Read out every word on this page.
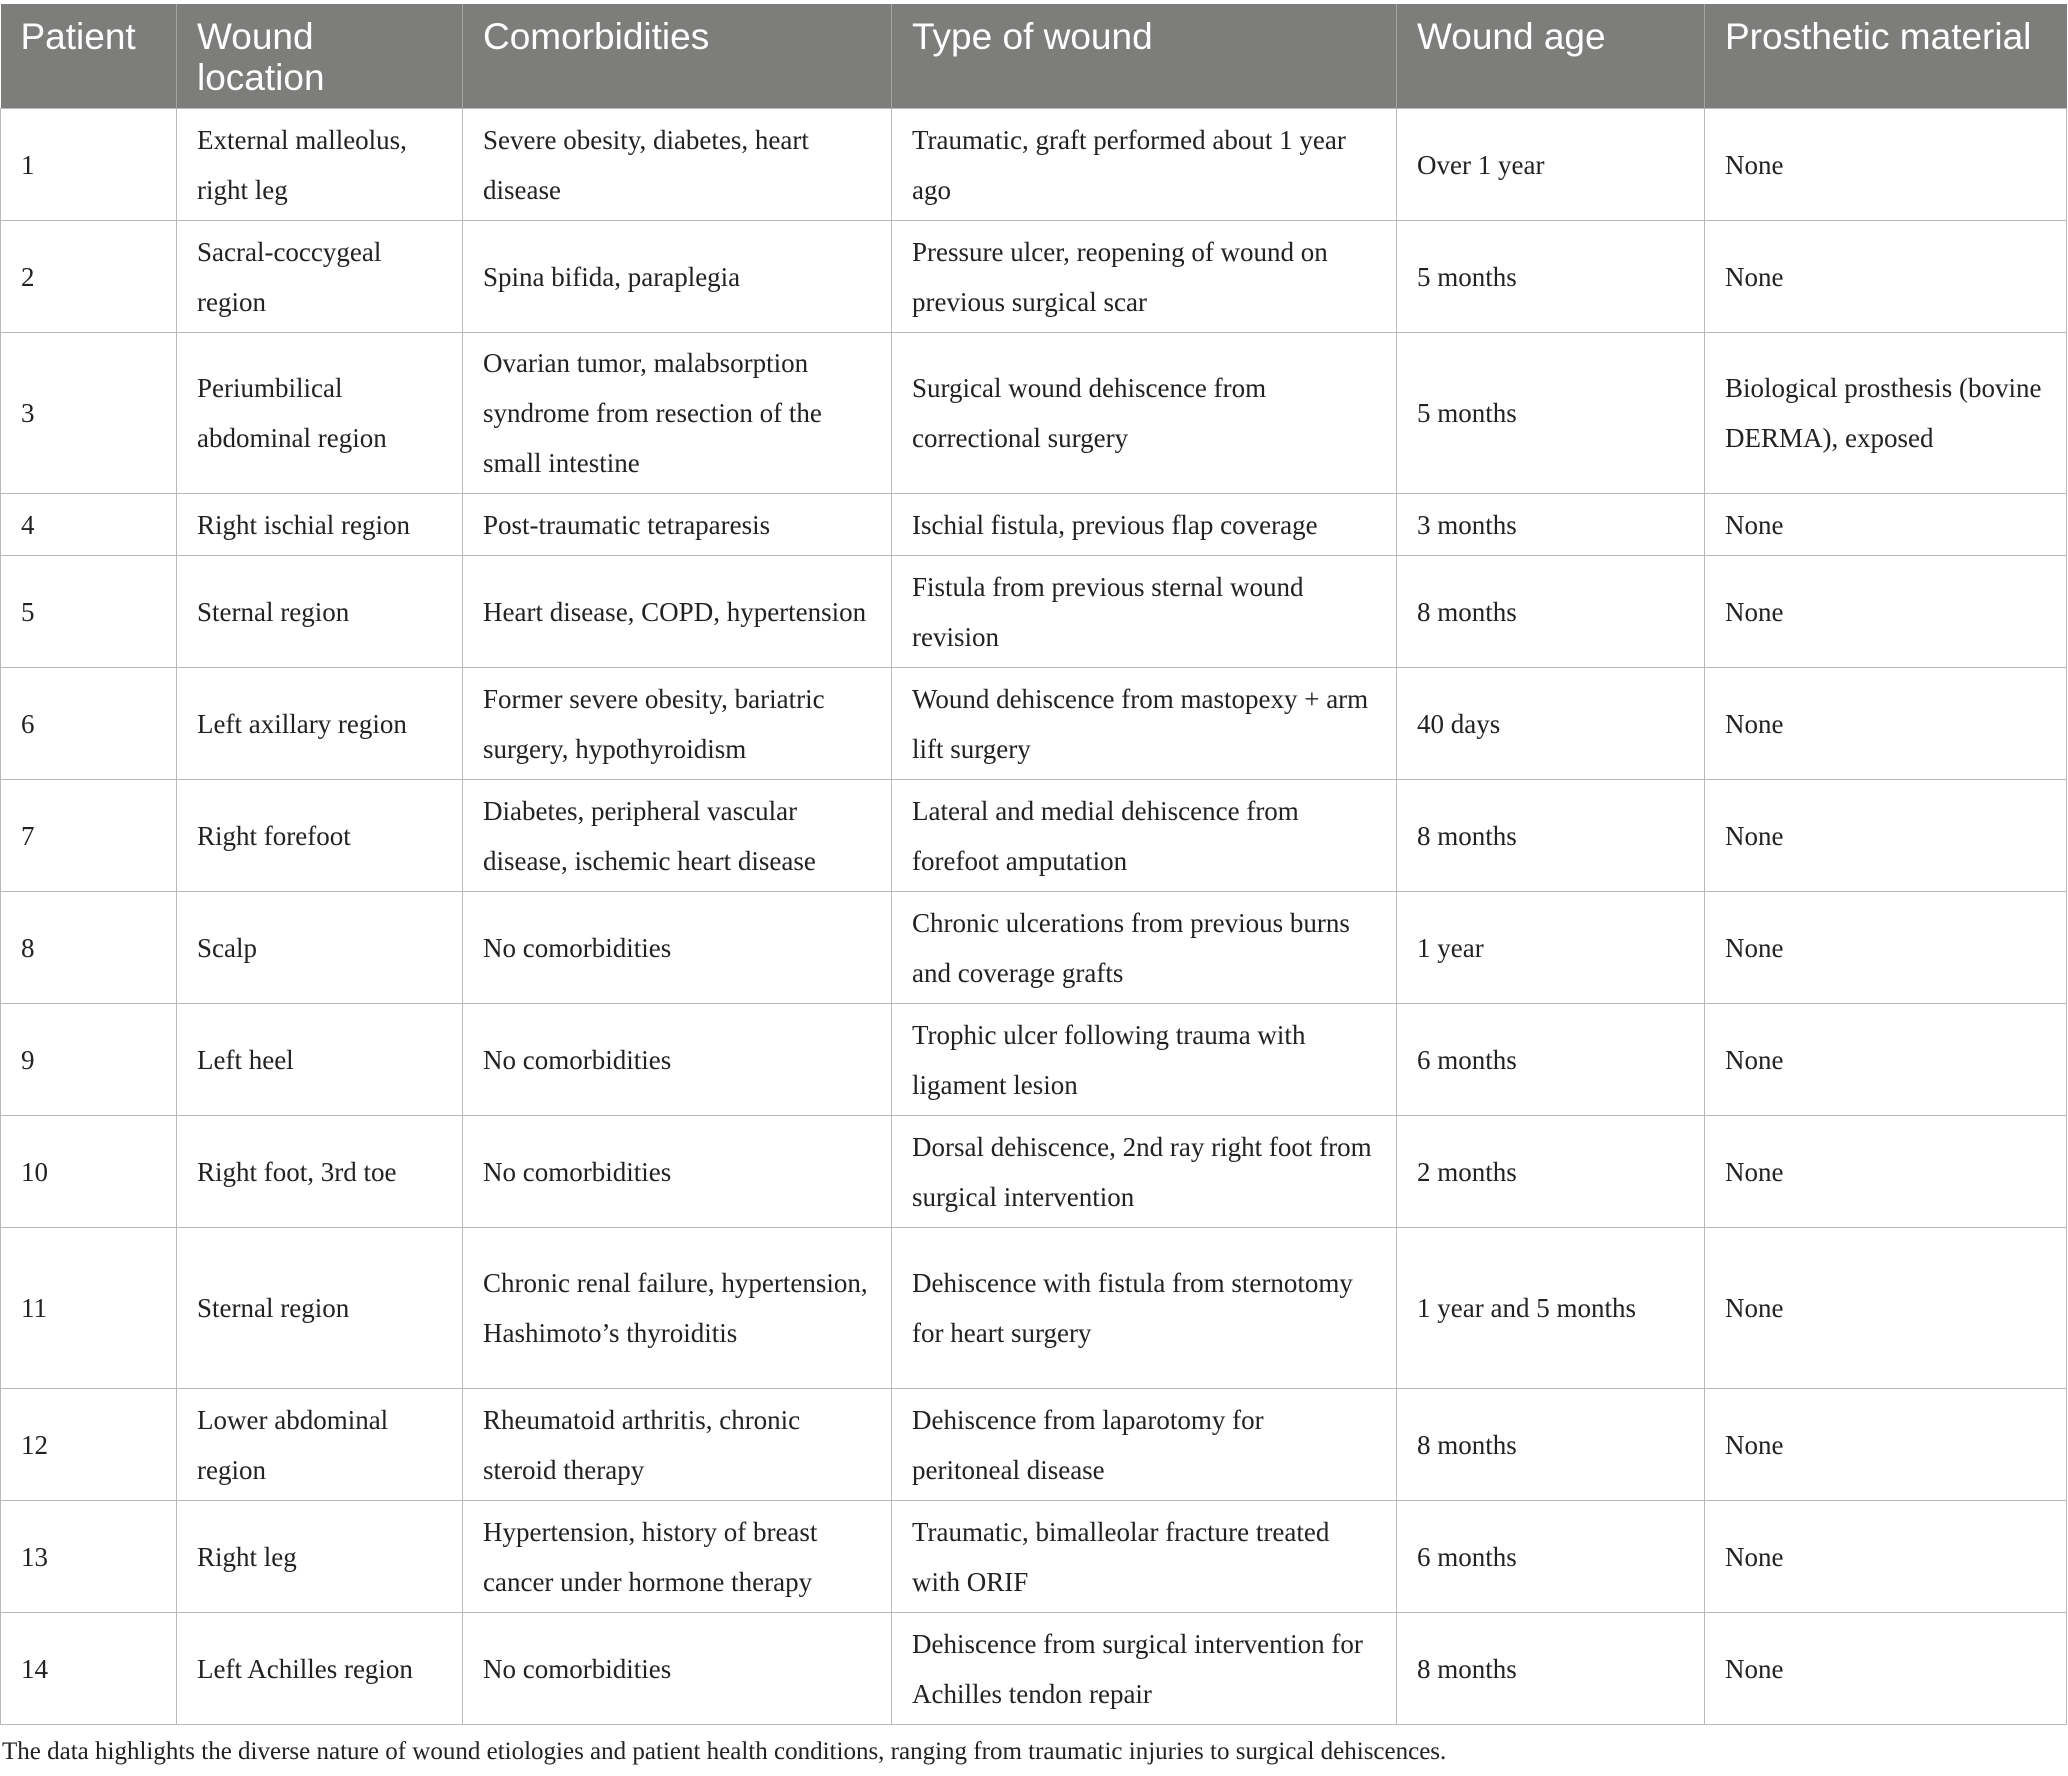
Patient	Wound location	Comorbidities	Type of wound	Wound age	Prosthetic material
1	External malleolus, right leg	Severe obesity, diabetes, heart disease	Traumatic, graft performed about 1 year ago	Over 1 year	None
2	Sacral-coccygeal region	Spina bifida, paraplegia	Pressure ulcer, reopening of wound on previous surgical scar	5 months	None
3	Periumbilical abdominal region	Ovarian tumor, malabsorption syndrome from resection of the small intestine	Surgical wound dehiscence from correctional surgery	5 months	Biological prosthesis (bovine DERMA), exposed
4	Right ischial region	Post-traumatic tetraparesis	Ischial fistula, previous flap coverage	3 months	None
5	Sternal region	Heart disease, COPD, hypertension	Fistula from previous sternal wound revision	8 months	None
6	Left axillary region	Former severe obesity, bariatric surgery, hypothyroidism	Wound dehiscence from mastopexy + arm lift surgery	40 days	None
7	Right forefoot	Diabetes, peripheral vascular disease, ischemic heart disease	Lateral and medial dehiscence from forefoot amputation	8 months	None
8	Scalp	No comorbidities	Chronic ulcerations from previous burns and coverage grafts	1 year	None
9	Left heel	No comorbidities	Trophic ulcer following trauma with ligament lesion	6 months	None
10	Right foot, 3rd toe	No comorbidities	Dorsal dehiscence, 2nd ray right foot from surgical intervention	2 months	None
11	Sternal region	Chronic renal failure, hypertension, Hashimoto’s thyroiditis	Dehiscence with fistula from sternotomy for heart surgery	1 year and 5 months	None
12	Lower abdominal region	Rheumatoid arthritis, chronic steroid therapy	Dehiscence from laparotomy for peritoneal disease	8 months	None
13	Right leg	Hypertension, history of breast cancer under hormone therapy	Traumatic, bimalleolar fracture treated with ORIF	6 months	None
14	Left Achilles region	No comorbidities	Dehiscence from surgical intervention for Achilles tendon repair	8 months	None
The data highlights the diverse nature of wound etiologies and patient health conditions, ranging from traumatic injuries to surgical dehiscences.
